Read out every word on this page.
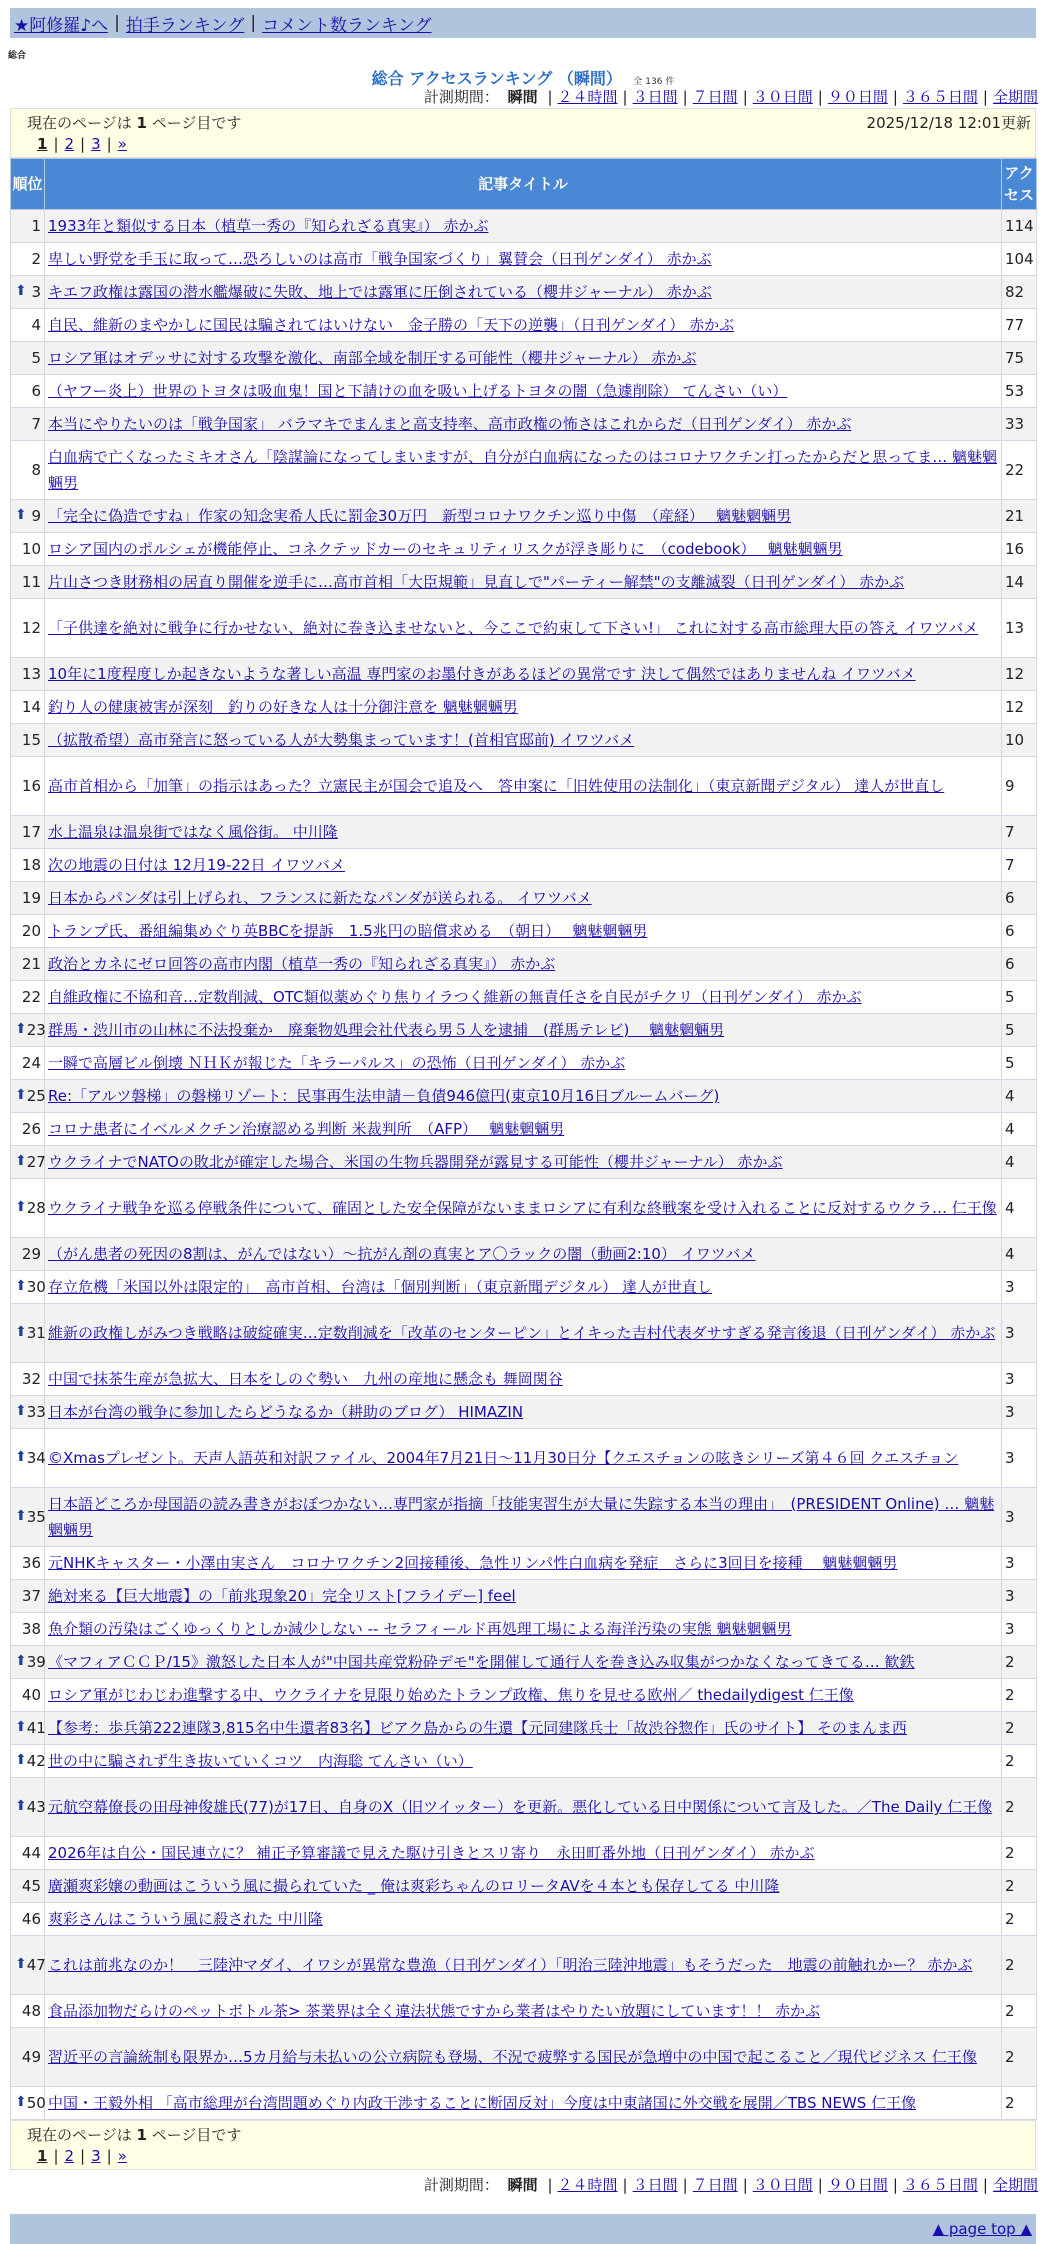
★阿修羅♪へ | 拍手ランキング | コメント数ランキング
総合
総合 アクセスランキング （瞬間） 全 136 件
計測期間： 瞬間 | ２４時間 | ３日間 | ７日間 | ３０日間 | ９０日間 | ３６５日間 | 全期間
現在のページは 1 ページ目です	2025/12/18 12:01更新
1 | 2 | 3 | »
順位	記事タイトル	アクセス
1	1933年と類似する日本（植草一秀の『知られざる真実』） 赤かぶ	114
2	卑しい野党を手玉に取って…恐ろしいのは高市「戦争国家づくり」翼賛会（日刊ゲンダイ） 赤かぶ	104

⬆ 3	キエフ政権は露国の潜水艦爆破に失敗、地上では露軍に圧倒されている（櫻井ジャーナル） 赤かぶ	82
4	自民、維新のまやかしに国民は騙されてはいけない　金子勝の「天下の逆襲」（日刊ゲンダイ） 赤かぶ	77
5	ロシア軍はオデッサに対する攻撃を激化、南部全域を制圧する可能性（櫻井ジャーナル） 赤かぶ	75
6	（ヤフー炎上）世界のトヨタは吸血鬼！国と下請けの血を吸い上げるトヨタの闇（急遽削除） てんさい（い）	53
7	本当にやりたいのは「戦争国家」 バラマキでまんまと高支持率、高市政権の怖さはこれからだ（日刊ゲンダイ） 赤かぶ	33
8	白血病で亡くなったミキオさん「陰謀論になってしまいますが、自分が白血病になったのはコロナワクチン打ったからだと思ってま… 魑魅魍魎男	22

⬆ 9	「完全に偽造ですね」作家の知念実希人氏に罰金30万円　新型コロナワクチン巡り中傷　（産経）　 魑魅魍魎男	21
10	ロシア国内のポルシェが機能停止、コネクテッドカーのセキュリティリスクが浮き彫りに　（codebook）　 魑魅魍魎男	16
11	片山さつき財務相の居直り開催を逆手に…高市首相「大臣規範」見直しで"パーティー解禁"の支離滅裂（日刊ゲンダイ） 赤かぶ	14
12	「子供達を絶対に戦争に行かせない、絶対に巻き込ませないと、今ここで約束して下さい!」 これに対する高市総理大臣の答え イワツバメ	13
13	10年に1度程度しか起きないような著しい高温 専門家のお墨付きがあるほどの異常です 決して偶然ではありませんね イワツバメ	12
14	釣り人の健康被害が深刻　釣りの好きな人は十分御注意を 魑魅魍魎男	12
15	（拡散希望）高市発言に怒っている人が大勢集まっています！(首相官邸前) イワツバメ	10
16	高市首相から「加筆」の指示はあった？立憲民主が国会で追及へ　答申案に「旧姓使用の法制化」（東京新聞デジタル） 達人が世直し	9
17	水上温泉は温泉街ではなく風俗街。 中川隆	7
18	次の地震の日付は 12月19-22日 イワツバメ	7
19	日本からパンダは引上げられ、フランスに新たなパンダが送られる。 イワツバメ	6
20	トランプ氏、番組編集めぐり英BBCを提訴　1.5兆円の賠償求める　（朝日）　 魑魅魍魎男	6
21	政治とカネにゼロ回答の高市内閣（植草一秀の『知られざる真実』） 赤かぶ	6
22	自維政権に不協和音…定数削減、OTC類似薬めぐり焦りイラつく維新の無責任さを自民がチクリ（日刊ゲンダイ） 赤かぶ	5

⬆ 23	群馬・渋川市の山林に不法投棄か　廃棄物処理会社代表ら男５人を逮捕　(群馬テレビ)　 魑魅魍魎男	5
24	一瞬で高層ビル倒壊 ＮＨＫが報じた「キラーパルス」の恐怖（日刊ゲンダイ） 赤かぶ	5

⬆ 25	Re:「アルツ磐梯」の磐梯リゾート：民事再生法申請－負債946億円(東京10月16日ブルームバーグ)	4
26	コロナ患者にイベルメクチン治療認める判断 米裁判所　（AFP）　 魑魅魍魎男	4

⬆ 27	ウクライナでNATOの敗北が確定した場合、米国の生物兵器開発が露見する可能性（櫻井ジャーナル） 赤かぶ	4

⬆ 28	ウクライナ戦争を巡る停戦条件について、確固とした安全保障がないままロシアに有利な終戦案を受け入れることに反対するウクラ… 仁王像	4
29	（がん患者の死因の8割は、がんではない）～抗がん剤の真実とア〇ラックの闇（動画2:10） イワツバメ	4

⬆ 30	存立危機「米国以外は限定的」　高市首相、台湾は「個別判断」（東京新聞デジタル） 達人が世直し	3

⬆ 31	維新の政権しがみつき戦略は破綻確実…定数削減を「改革のセンターピン」とイキった吉村代表ダサすぎる発言後退（日刊ゲンダイ） 赤かぶ	3
32	中国で抹茶生産が急拡大、日本をしのぐ勢い　九州の産地に懸念も 舞岡関谷	3

⬆ 33	日本が台湾の戦争に参加したらどうなるか（耕助のブログ） HIMAZIN	3

⬆ 34	©Xmasプレゼント。天声人語英和対訳ファイル、2004年7月21日～11月30日分【クエスチョンの呟きシリーズ第４６回 クエスチョン	3

⬆ 35	日本語どころか母国語の読み書きがおぼつかない…専門家が指摘「技能実習生が大量に失踪する本当の理由」　(PRESIDENT Online) … 魑魅魍魎男	3
36	元NHKキャスター・小澤由実さん　コロナワクチン2回接種後、急性リンパ性白血病を発症　さらに3回目を接種　 魑魅魍魎男	3
37	絶対来る【巨大地震】の「前兆現象20」完全リスト[フライデー] feel	3
38	魚介類の汚染はごくゆっくりとしか減少しない -- セラフィールド再処理工場による海洋汚染の実態 魑魅魍魎男	3

⬆ 39	《マフィアＣＣＰ/15》激怒した日本人が"中国共産党粉砕デモ"を開催して通行人を巻き込み収集がつかなくなってきてる… 歓鉄	2
40	ロシア軍がじわじわ進撃する中、ウクライナを見限り始めたトランプ政権、焦りを見せる欧州／ thedailydigest 仁王像	2

⬆ 41	【参考：歩兵第222連隊3,815名中生還者83名】ビアク島からの生還【元同建隊兵士「故渋谷惣作」氏のサイト】 そのまんま西	2

⬆ 42	世の中に騙されず生き抜いていくコツ　内海聡 てんさい（い）	2

⬆ 43	元航空幕僚長の田母神俊雄氏(77)が17日、自身のX（旧ツイッター）を更新。悪化している日中関係について言及した。／The Daily 仁王像	2
44	2026年は自公・国民連立に？ 補正予算審議で見えた駆け引きとスリ寄り　永田町番外地（日刊ゲンダイ） 赤かぶ	2
45	廣瀬爽彩嬢の動画はこういう風に撮られていた _ 俺は爽彩ちゃんのロリータAVを４本とも保存してる 中川隆	2
46	爽彩さんはこういう風に殺された 中川隆	2

⬆ 47	これは前兆なのか！　三陸沖マダイ、イワシが異常な豊漁（日刊ゲンダイ）「明治三陸沖地震」もそうだった　地震の前触れかー？ 赤かぶ	2
48	食品添加物だらけのペットボトル茶> 茶業界は全く違法状態ですから業者はやりたい放題にしています！！ 赤かぶ	2
49	習近平の言論統制も限界か…5カ月給与未払いの公立病院も登場、不況で疲弊する国民が急増中の中国で起こること／現代ビジネス 仁王像	2

⬆ 50	中国・王毅外相 「高市総理が台湾問題めぐり内政干渉することに断固反対」今度は中東諸国に外交戦を展開／TBS NEWS 仁王像	2
現在のページは 1 ページ目です
1 | 2 | 3 | »
計測期間： 瞬間 | ２４時間 | ３日間 | ７日間 | ３０日間 | ９０日間 | ３６５日間 | 全期間
▲ page top ▲
